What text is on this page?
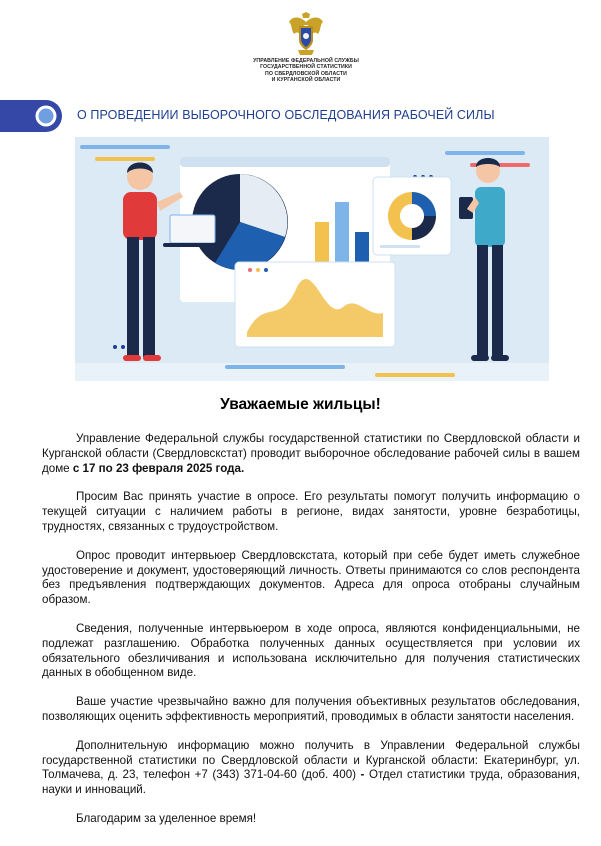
УПРАВЛЕНИЕ ФЕДЕРАЛЬНОЙ СЛУЖБЫ
ГОСУДАРСТВЕННОЙ СТАТИСТИКИ
ПО СВЕРДЛОВСКОЙ ОБЛАСТИ
И КУРГАНСКОЙ ОБЛАСТИ
О ПРОВЕДЕНИИ ВЫБОРОЧНОГО ОБСЛЕДОВАНИЯ РАБОЧЕЙ СИЛЫ
Уважаемые жильцы!

Управление Федеральной службы государственной статистики по Свердловской области и Курганской области (Свердловскстат) проводит выборочное обследование рабочей силы в вашем доме с 17 по 23 февраля 2025 года.

Просим Вас принять участие в опросе. Его результаты помогут получить информацию о текущей ситуации с наличием работы в регионе, видах занятости, уровне безработицы, трудностях, связанных с трудоустройством.

Опрос проводит интервьюер Свердловскстата, который при себе будет иметь служебное удостоверение и документ, удостоверяющий личность. Ответы принимаются со слов респондента без предъявления подтверждающих документов. Адреса для опроса отобраны случайным образом.

Сведения, полученные интервьюером в ходе опроса, являются конфиденциальными, не подлежат разглашению. Обработка полученных данных осуществляется при условии их обязательного обезличивания и использована исключительно для получения статистических данных в обобщенном виде.

Ваше участие чрезвычайно важно для получения объективных результатов обследования, позволяющих оценить эффективность мероприятий, проводимых в области занятости населения.

Дополнительную информацию можно получить в Управлении Федеральной службы государственной статистики по Свердловской области и Курганской области: Екатеринбург, ул. Толмачева, д. 23, телефон +7 (343) 371-04-60 (доб. 400) - Отдел статистики труда, образования, науки и инноваций.

Благодарим за уделенное время!
